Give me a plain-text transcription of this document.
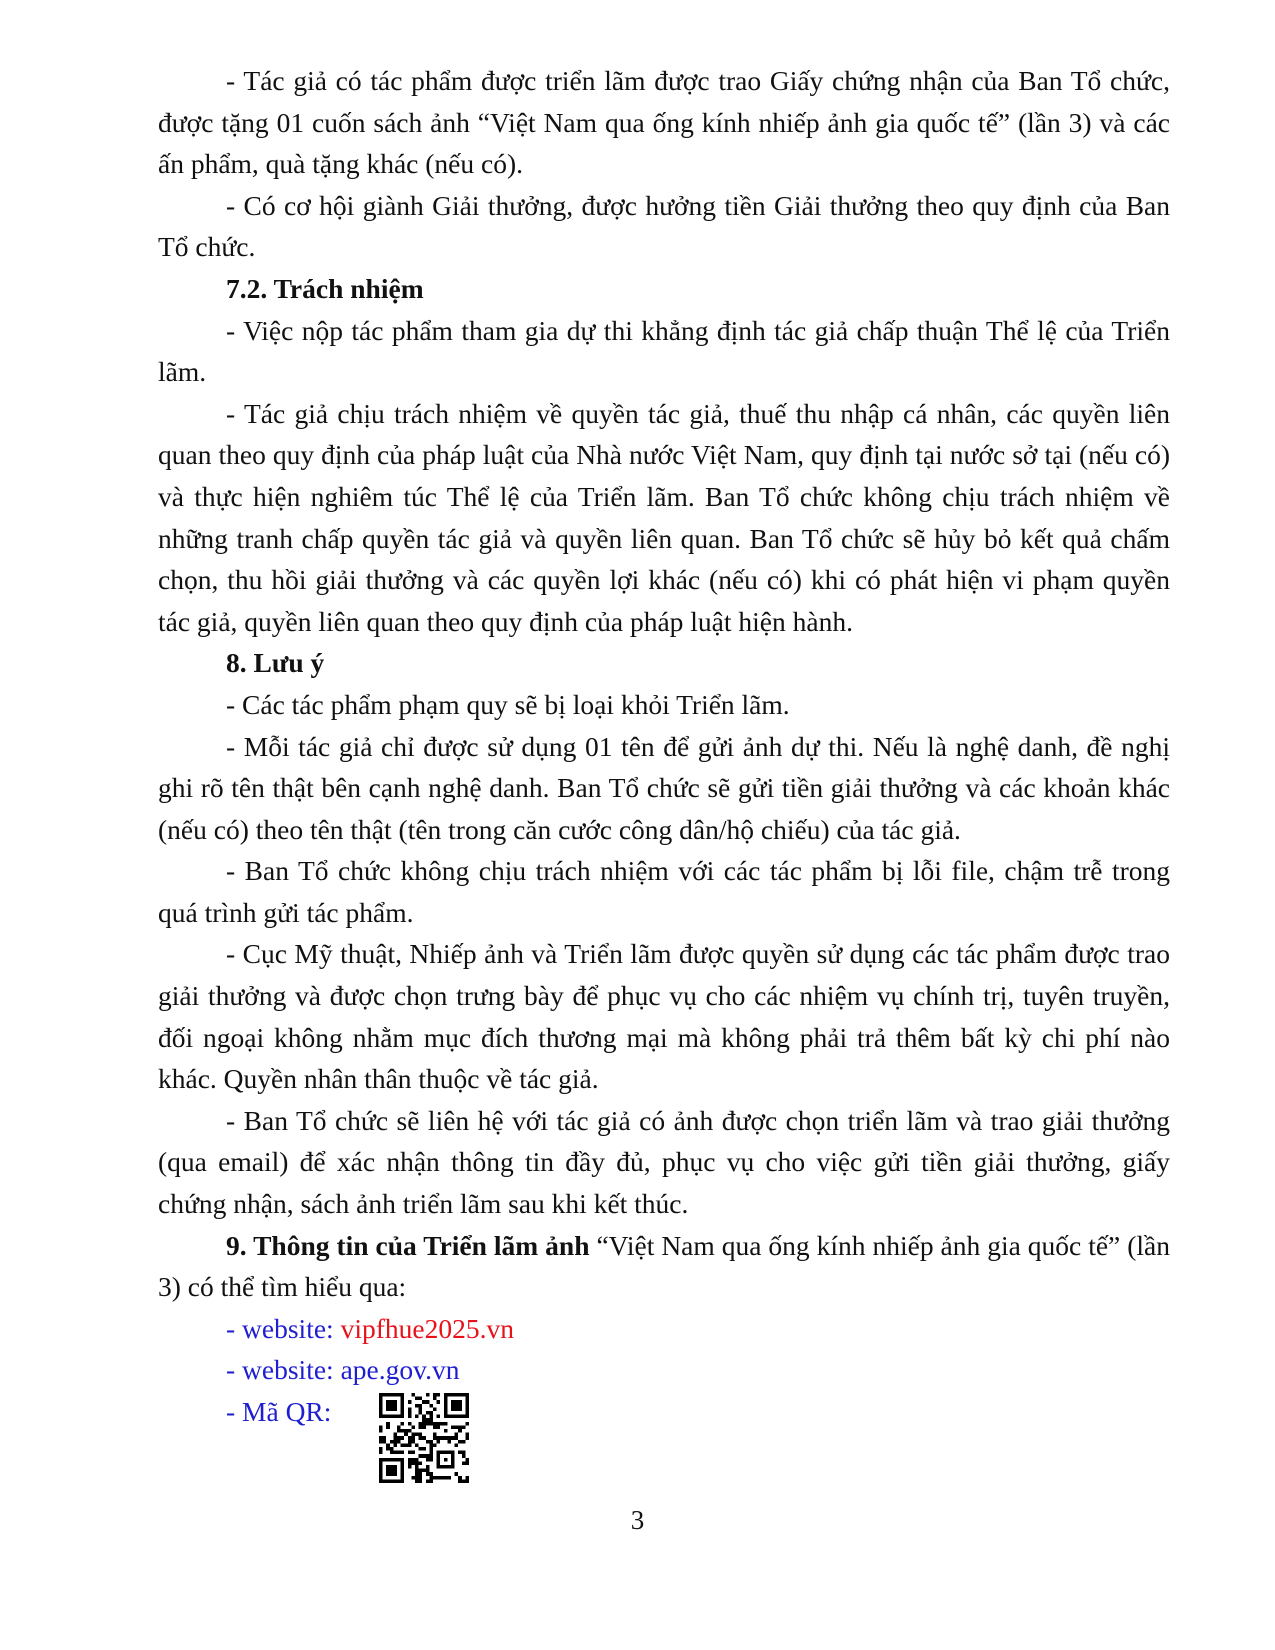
- Tác giả có tác phẩm được triển lãm được trao Giấy chứng nhận của Ban Tổ chức, được tặng 01 cuốn sách ảnh “Việt Nam qua ống kính nhiếp ảnh gia quốc tế” (lần 3) và các ấn phẩm, quà tặng khác (nếu có).

- Có cơ hội giành Giải thưởng, được hưởng tiền Giải thưởng theo quy định của Ban Tổ chức.

7.2. Trách nhiệm

- Việc nộp tác phẩm tham gia dự thi khẳng định tác giả chấp thuận Thể lệ của Triển lãm.

- Tác giả chịu trách nhiệm về quyền tác giả, thuế thu nhập cá nhân, các quyền liên quan theo quy định của pháp luật của Nhà nước Việt Nam, quy định tại nước sở tại (nếu có) và thực hiện nghiêm túc Thể lệ của Triển lãm. Ban Tổ chức không chịu trách nhiệm về những tranh chấp quyền tác giả và quyền liên quan. Ban Tổ chức sẽ hủy bỏ kết quả chấm chọn, thu hồi giải thưởng và các quyền lợi khác (nếu có) khi có phát hiện vi phạm quyền tác giả, quyền liên quan theo quy định của pháp luật hiện hành.

8. Lưu ý

- Các tác phẩm phạm quy sẽ bị loại khỏi Triển lãm.

- Mỗi tác giả chỉ được sử dụng 01 tên để gửi ảnh dự thi. Nếu là nghệ danh, đề nghị ghi rõ tên thật bên cạnh nghệ danh. Ban Tổ chức sẽ gửi tiền giải thưởng và các khoản khác (nếu có) theo tên thật (tên trong căn cước công dân/hộ chiếu) của tác giả.

- Ban Tổ chức không chịu trách nhiệm với các tác phẩm bị lỗi file, chậm trễ trong quá trình gửi tác phẩm.

- Cục Mỹ thuật, Nhiếp ảnh và Triển lãm được quyền sử dụng các tác phẩm được trao giải thưởng và được chọn trưng bày để phục vụ cho các nhiệm vụ chính trị, tuyên truyền, đối ngoại không nhằm mục đích thương mại mà không phải trả thêm bất kỳ chi phí nào khác. Quyền nhân thân thuộc về tác giả.

- Ban Tổ chức sẽ liên hệ với tác giả có ảnh được chọn triển lãm và trao giải thưởng (qua email) để xác nhận thông tin đầy đủ, phục vụ cho việc gửi tiền giải thưởng, giấy chứng nhận, sách ảnh triển lãm sau khi kết thúc.

9. Thông tin của Triển lãm ảnh “Việt Nam qua ống kính nhiếp ảnh gia quốc tế” (lần 3) có thể tìm hiểu qua:

- website: vipfhue2025.vn

- website: ape.gov.vn

- Mã QR:
3
